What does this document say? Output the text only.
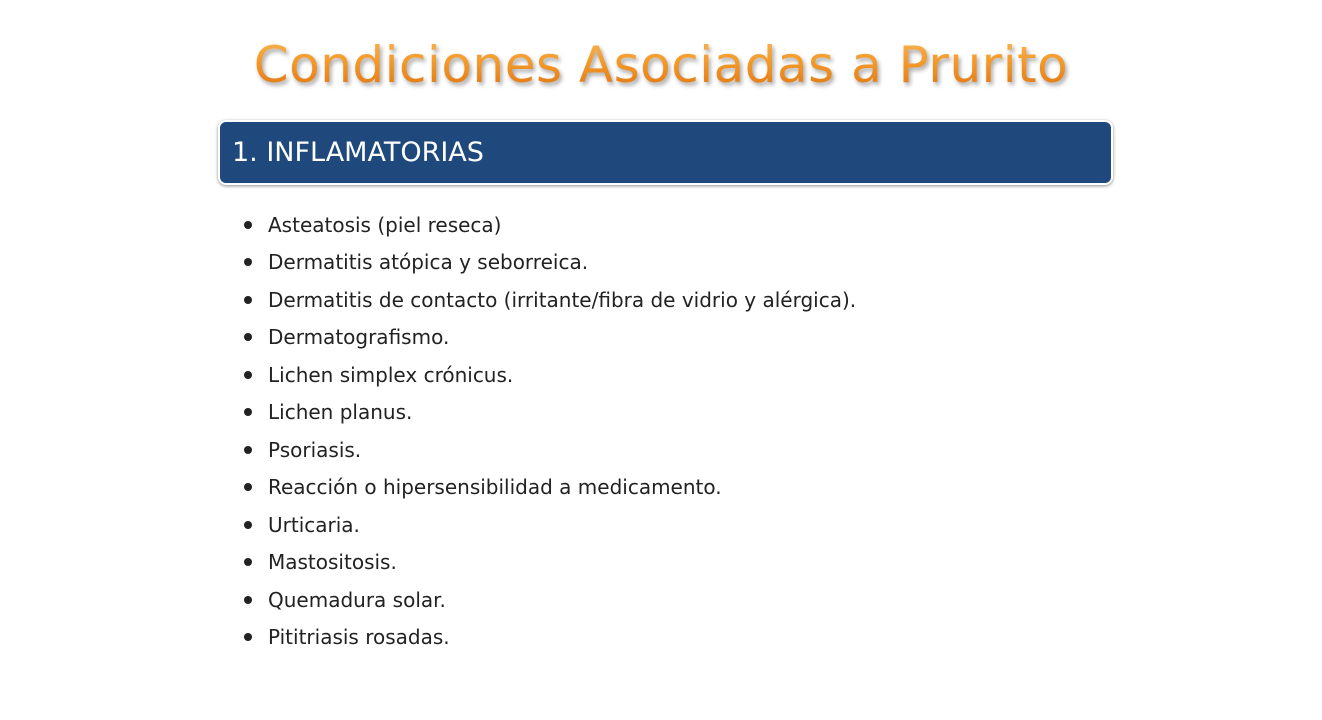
Condiciones Asociadas a Prurito
1. INFLAMATORIAS
Asteatosis (piel reseca)
Dermatitis atópica y seborreica.
Dermatitis de contacto (irritante/fibra de vidrio y alérgica).
Dermatografismo.
Lichen simplex crónicus.
Lichen planus.
Psoriasis.
Reacción o hipersensibilidad a medicamento.
Urticaria.
Mastositosis.
Quemadura solar.
Pititriasis rosadas.
